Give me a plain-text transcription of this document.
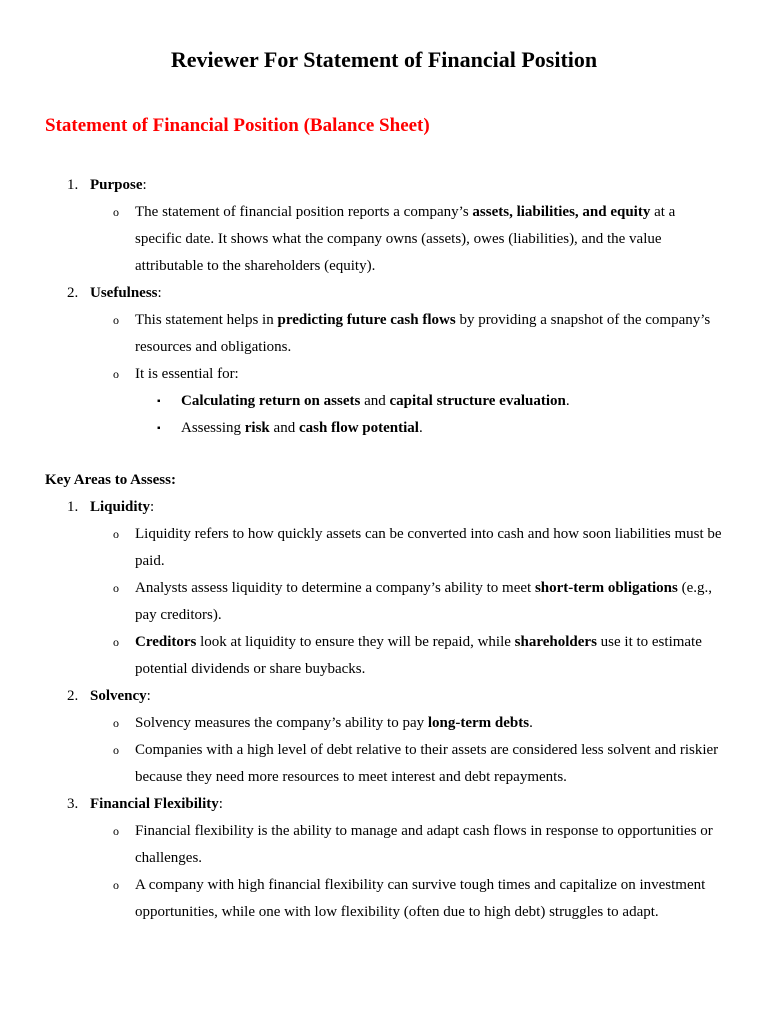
Reviewer For Statement of Financial Position
Statement of Financial Position (Balance Sheet)
1. Purpose:
o The statement of financial position reports a company’s assets, liabilities, and equity at a specific date. It shows what the company owns (assets), owes (liabilities), and the value attributable to the shareholders (equity).
2. Usefulness:
o This statement helps in predicting future cash flows by providing a snapshot of the company’s resources and obligations.
o It is essential for:
▪ Calculating return on assets and capital structure evaluation.
▪ Assessing risk and cash flow potential.
Key Areas to Assess:
1. Liquidity:
o Liquidity refers to how quickly assets can be converted into cash and how soon liabilities must be paid.
o Analysts assess liquidity to determine a company’s ability to meet short-term obligations (e.g., pay creditors).
o Creditors look at liquidity to ensure they will be repaid, while shareholders use it to estimate potential dividends or share buybacks.
2. Solvency:
o Solvency measures the company’s ability to pay long-term debts.
o Companies with a high level of debt relative to their assets are considered less solvent and riskier because they need more resources to meet interest and debt repayments.
3. Financial Flexibility:
o Financial flexibility is the ability to manage and adapt cash flows in response to opportunities or challenges.
o A company with high financial flexibility can survive tough times and capitalize on investment opportunities, while one with low flexibility (often due to high debt) struggles to adapt.
